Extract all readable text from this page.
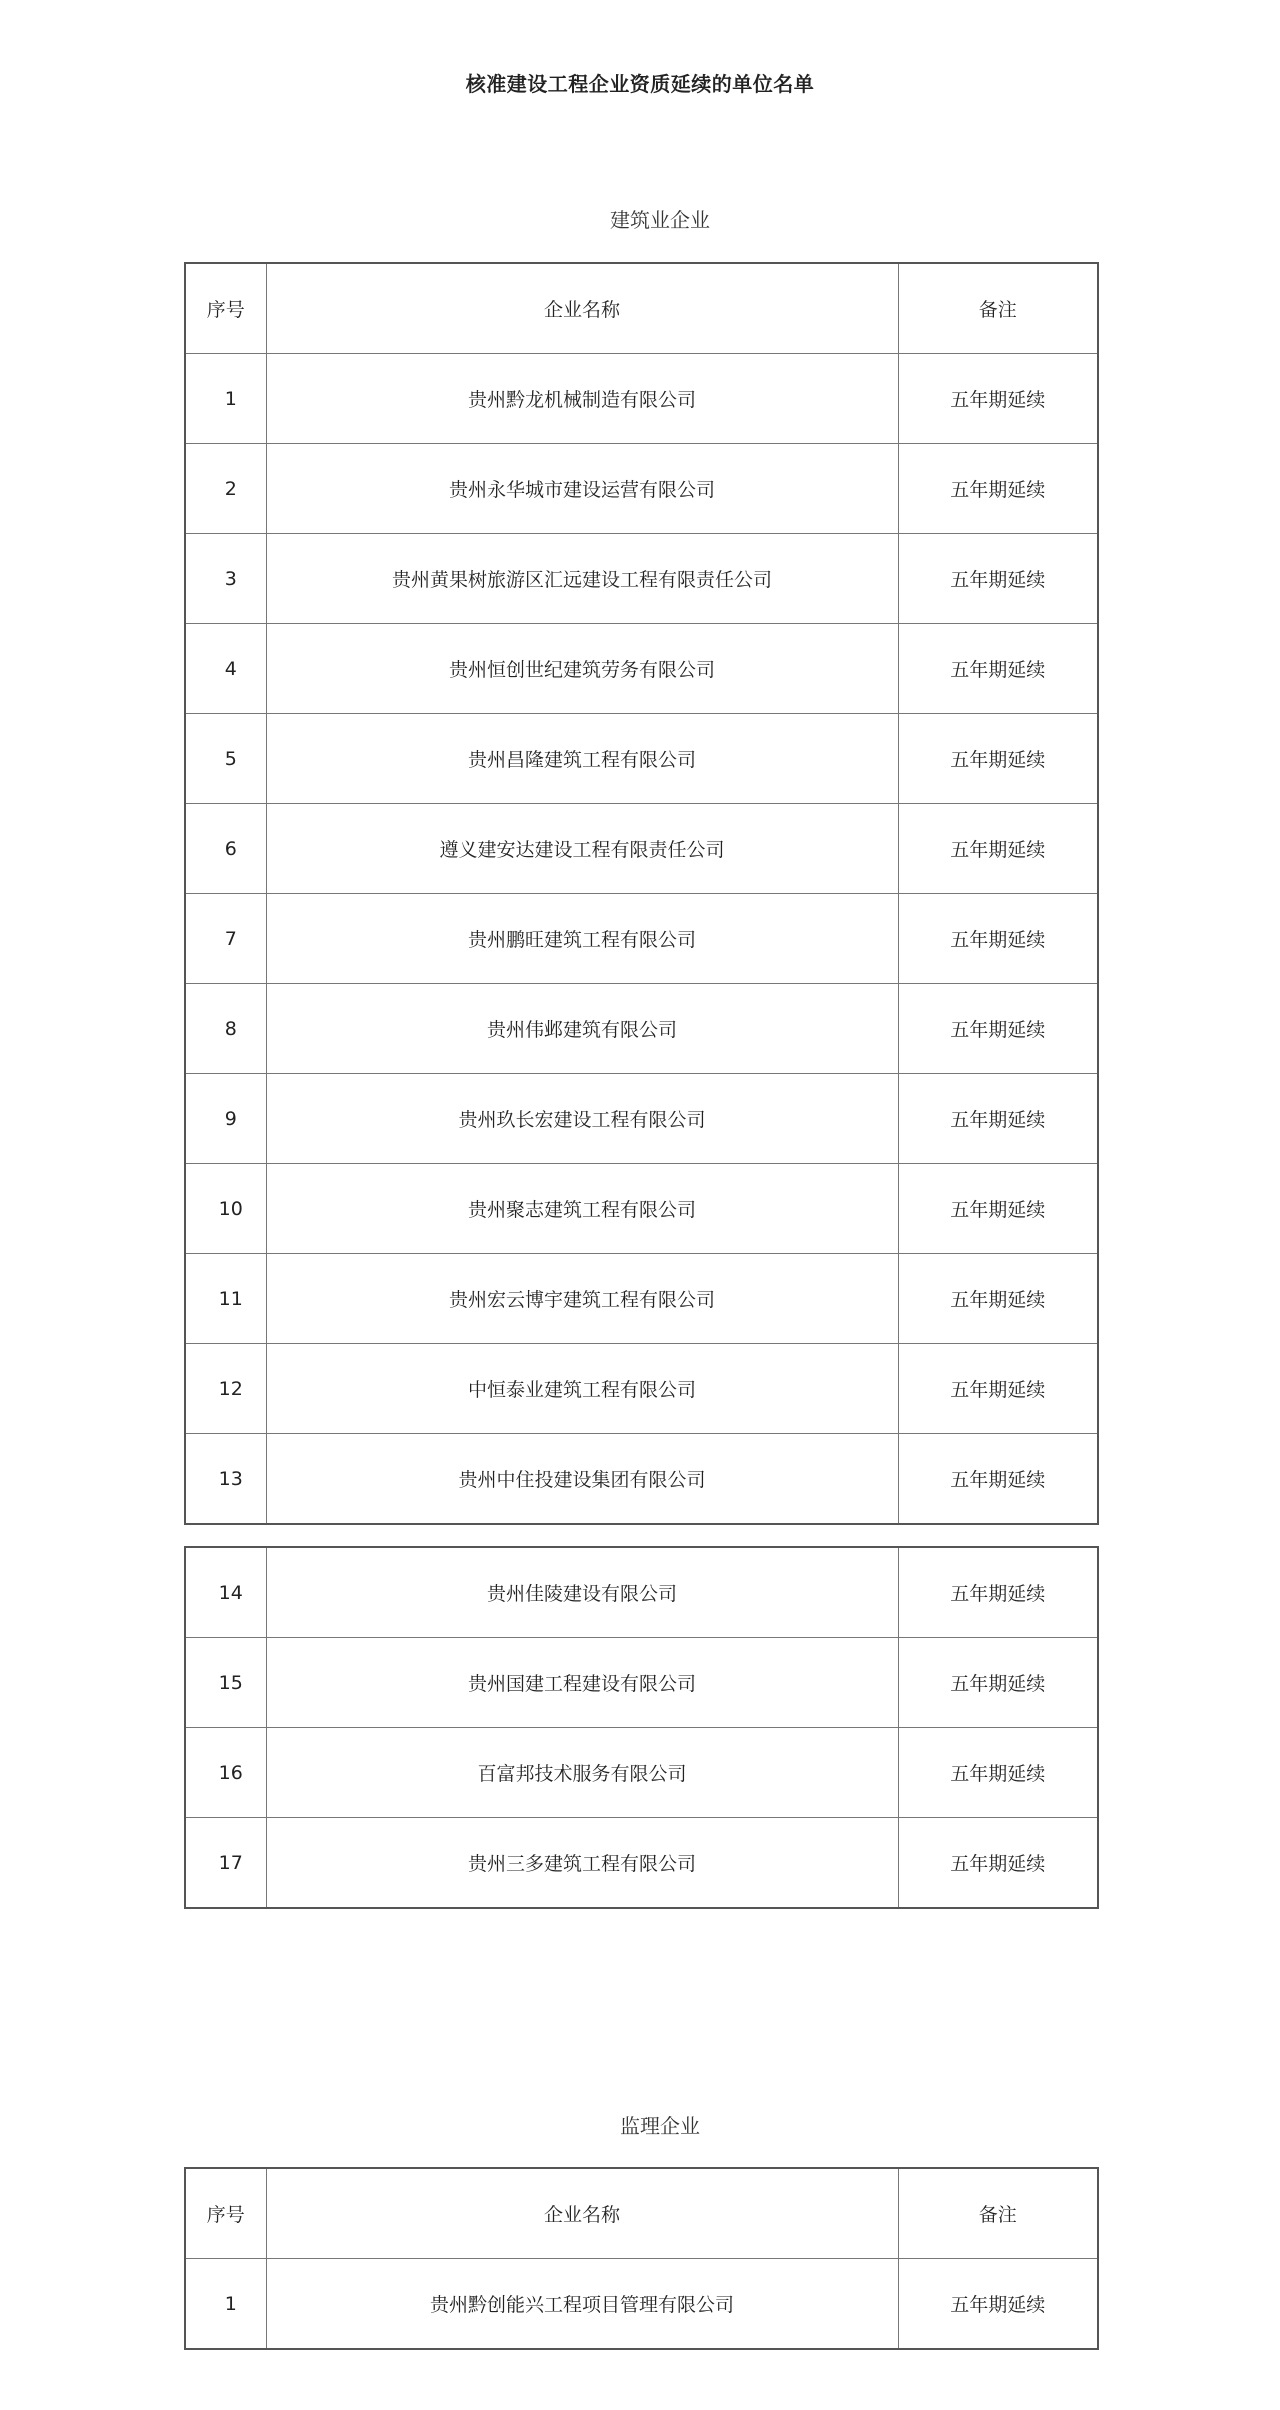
核准建设工程企业资质延续的单位名单
建筑业企业
序号	企业名称	备注
1	贵州黔龙机械制造有限公司	五年期延续
2	贵州永华城市建设运营有限公司	五年期延续
3	贵州黄果树旅游区汇远建设工程有限责任公司	五年期延续
4	贵州恒创世纪建筑劳务有限公司	五年期延续
5	贵州昌隆建筑工程有限公司	五年期延续
6	遵义建安达建设工程有限责任公司	五年期延续
7	贵州鹏旺建筑工程有限公司	五年期延续
8	贵州伟邺建筑有限公司	五年期延续
9	贵州玖长宏建设工程有限公司	五年期延续
10	贵州聚志建筑工程有限公司	五年期延续
11	贵州宏云博宇建筑工程有限公司	五年期延续
12	中恒泰业建筑工程有限公司	五年期延续
13	贵州中住投建设集团有限公司	五年期延续
14	贵州佳陵建设有限公司	五年期延续
15	贵州国建工程建设有限公司	五年期延续
16	百富邦技术服务有限公司	五年期延续
17	贵州三多建筑工程有限公司	五年期延续
监理企业
序号	企业名称	备注
1	贵州黔创能兴工程项目管理有限公司	五年期延续
